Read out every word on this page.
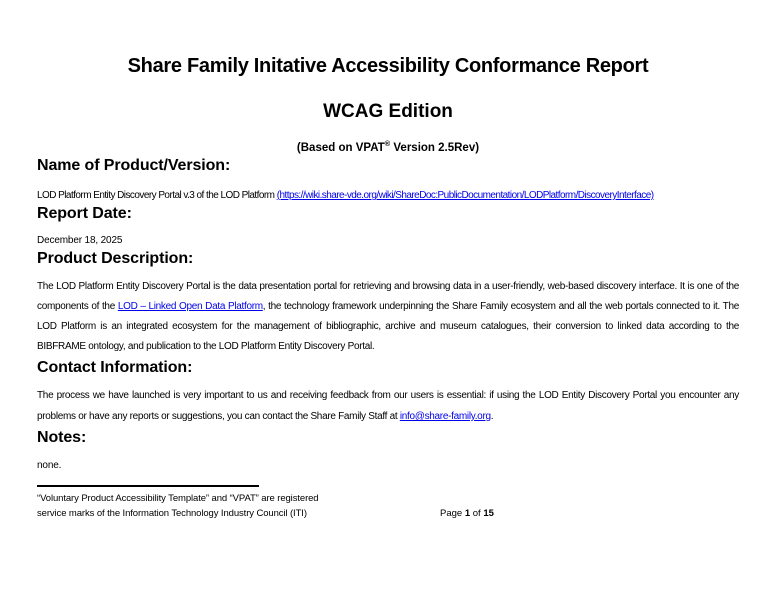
Share Family Initative Accessibility Conformance Report
WCAG Edition

(Based on VPAT® Version 2.5Rev)

Name of Product/Version:

LOD Platform Entity Discovery Portal v.3 of the LOD Platform (https://wiki.share-vde.org/wiki/ShareDoc:PublicDocumentation/LODPlatform/DiscoveryInterface)

Report Date:

December 18, 2025

Product Description:

The LOD Platform Entity Discovery Portal is the data presentation portal for retrieving and browsing data in a user-friendly, web-based discovery interface. It is one of the components of the LOD – Linked Open Data Platform, the technology framework underpinning the Share Family ecosystem and all the web portals connected to it. The LOD Platform is an integrated ecosystem for the management of bibliographic, archive and museum catalogues, their conversion to linked data according to the BIBFRAME ontology, and publication to the LOD Platform Entity Discovery Portal.

Contact Information:

The process we have launched is very important to us and receiving feedback from our users is essential: if using the LOD Entity Discovery Portal you encounter any problems or have any reports or suggestions, you can contact the Share Family Staff at info@share-family.org.

Notes:

none.

“Voluntary Product Accessibility Template” and “VPAT” are registered
service marks of the Information Technology Industry Council (ITI)	Page 1 of 15
